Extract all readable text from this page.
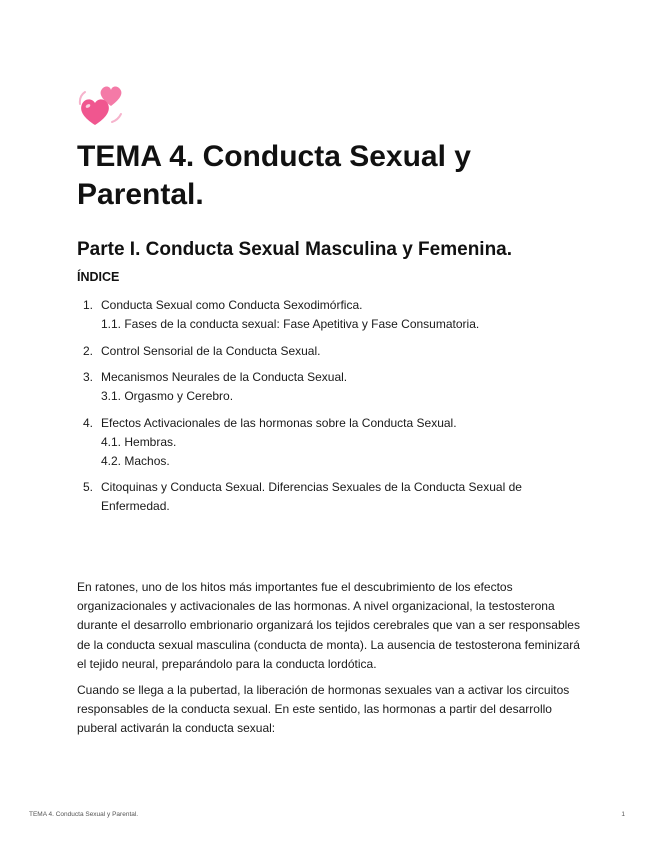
TEMA 4. Conducta Sexual y Parental.
Parte I. Conducta Sexual Masculina y Femenina.
ÍNDICE
1. Conducta Sexual como Conducta Sexodimórfica.
1.1. Fases de la conducta sexual: Fase Apetitiva y Fase Consumatoria.
2. Control Sensorial de la Conducta Sexual.
3. Mecanismos Neurales de la Conducta Sexual.
3.1. Orgasmo y Cerebro.
4. Efectos Activacionales de las hormonas sobre la Conducta Sexual.
4.1. Hembras.
4.2. Machos.
5. Citoquinas y Conducta Sexual. Diferencias Sexuales de la Conducta Sexual de Enfermedad.

En ratones, uno de los hitos más importantes fue el descubrimiento de los efectos organizacionales y activacionales de las hormonas. A nivel organizacional, la testosterona durante el desarrollo embrionario organizará los tejidos cerebrales que van a ser responsables de la conducta sexual masculina (conducta de monta). La ausencia de testosterona feminizará el tejido neural, preparándolo para la conducta lordótica.

Cuando se llega a la pubertad, la liberación de hormonas sexuales van a activar los circuitos responsables de la conducta sexual. En este sentido, las hormonas a partir del desarrollo puberal activarán la conducta sexual:

TEMA 4. Conducta Sexual y Parental.	1
